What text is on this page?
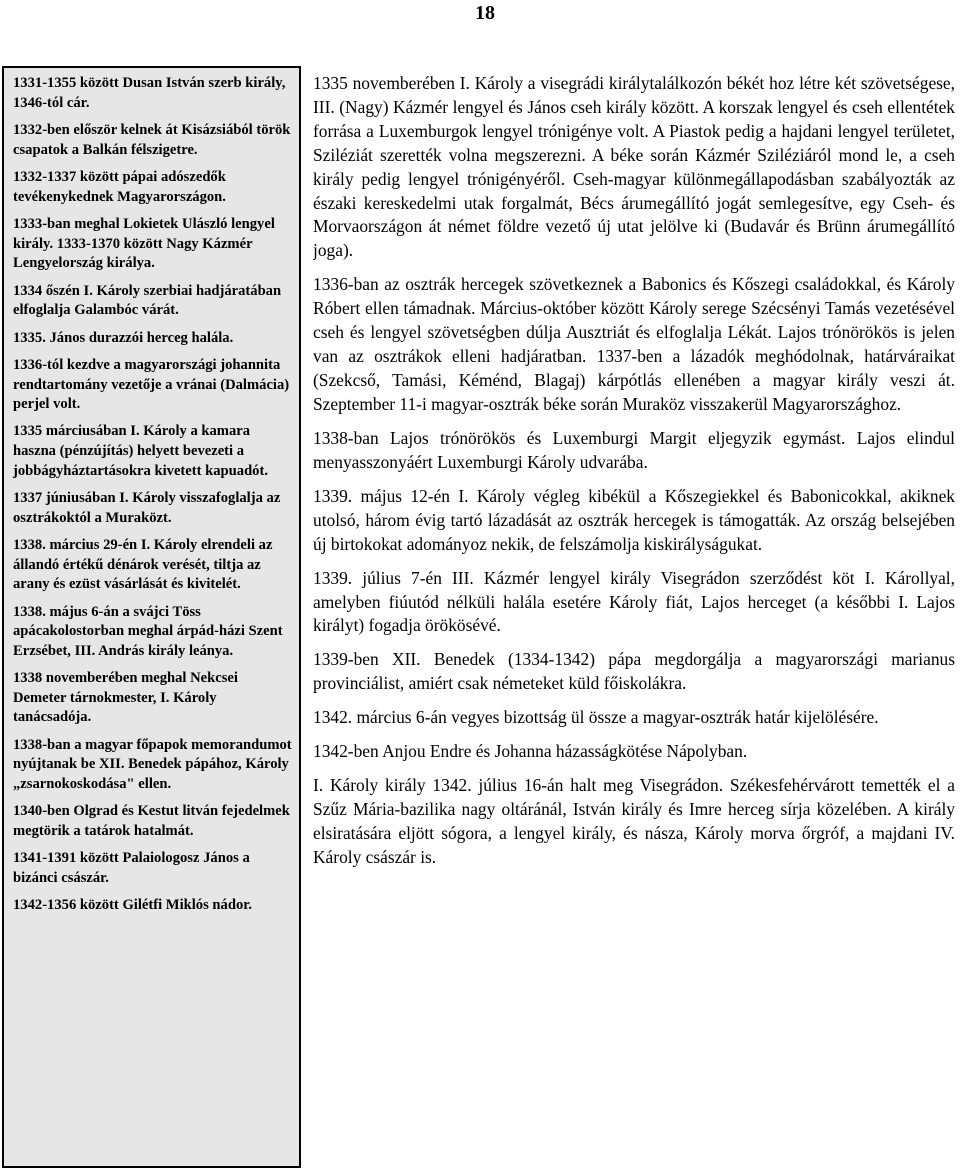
18

1331-1355 között Dusan István szerb király, 1346-tól cár.

1332-ben először kelnek át Kisázsiából török csapatok a Balkán félszigetre.

1332-1337 között pápai adószedők tevékenykednek Magyarországon.

1333-ban meghal Lokietek Ulászló lengyel király. 1333-1370 között Nagy Kázmér Lengyelország királya.

1334 őszén I. Károly szerbiai hadjáratában elfoglalja Galambóc várát.

1335. János durazzói herceg halála.

1336-tól kezdve a magyarországi johannita rendtartomány vezetője a vránai (Dalmácia) perjel volt.

1335 márciusában I. Károly a kamara haszna (pénzújítás) helyett bevezeti a jobbágyháztartásokra kivetett kapuadót.

1337 júniusában I. Károly visszafoglalja az osztrákoktól a Muraközt.

1338. március 29-én I. Károly elrendeli az állandó értékű dénárok verését, tiltja az arany és ezüst vásárlását és kivitelét.

1338. május 6-án a svájci Töss apácakolostorban meghal árpád-házi Szent Erzsébet, III. András király leánya.

1338 novemberében meghal Nekcsei Demeter tárnokmester, I. Károly tanácsadója.

1338-ban a magyar főpapok memorandumot nyújtanak be XII. Benedek pápához, Károly „zsarnokoskodása" ellen.

1340-ben Olgrad és Kestut litván fejedelmek megtörik a tatárok hatalmát.

1341-1391 között Palaiologosz János a bizánci császár.

1342-1356 között Gilétfi Miklós nádor.

1335 novemberében I. Károly a visegrádi királytalálkozón békét hoz létre két szövetségese, III. (Nagy) Kázmér lengyel és János cseh király között. A korszak lengyel és cseh ellentétek forrása a Luxemburgok lengyel trónigénye volt. A Piastok pedig a hajdani lengyel területet, Sziléziát szerették volna megszerezni. A béke során Kázmér Sziléziáról mond le, a cseh király pedig lengyel trónigényéről. Cseh-magyar különmegállapodásban szabályozták az északi kereskedelmi utak forgalmát, Bécs árumegállító jogát semlegesítve, egy Cseh- és Morvaországon át német földre vezető új utat jelölve ki (Budavár és Brünn árumegállító joga).

1336-ban az osztrák hercegek szövetkeznek a Babonics és Kőszegi családokkal, és Károly Róbert ellen támadnak. Március-október között Károly serege Szécsényi Tamás vezetésével cseh és lengyel szövetségben dúlja Ausztriát és elfoglalja Lékát. Lajos trónörökös is jelen van az osztrákok elleni hadjáratban. 1337-ben a lázadók meghódolnak, határváraikat (Szekcső, Tamási, Kéménd, Blagaj) kárpótlás ellenében a magyar király veszi át. Szeptember 11-i magyar-osztrák béke során Muraköz visszakerül Magyarországhoz.

1338-ban Lajos trónörökös és Luxemburgi Margit eljegyzik egymást. Lajos elindul menyasszonyáért Luxemburgi Károly udvarába.

1339. május 12-én I. Károly végleg kibékül a Kőszegiekkel és Baboniсokkal, akiknek utolsó, három évig tartó lázadását az osztrák hercegek is támogatták. Az ország belsejében új birtokokat adományoz nekik, de felszámolja kiskirályságukat.

1339. július 7-én III. Kázmér lengyel király Visegrádon szerződést köt I. Károllyal, amelyben fiúutód nélküli halála esetére Károly fiát, Lajos herceget (a későbbi I. Lajos királyt) fogadja örökösévé.

1339-ben XII. Benedek (1334-1342) pápa megdorgálja a magyarországi marianus provinciálist, amiért csak németeket küld főiskolákra.

1342. március 6-án vegyes bizottság ül össze a magyar-osztrák határ kijelölésére.

1342-ben Anjou Endre és Johanna házasságkötése Nápolyban.

I. Károly király 1342. július 16-án halt meg Visegrádon. Székesfehérvárott temették el a Szűz Mária-bazilika nagy oltáránál, István király és Imre herceg sírja közelében. A király elsiratására eljött sógora, a lengyel király, és násza, Károly morva őrgróf, a majdani IV. Károly császár is.
